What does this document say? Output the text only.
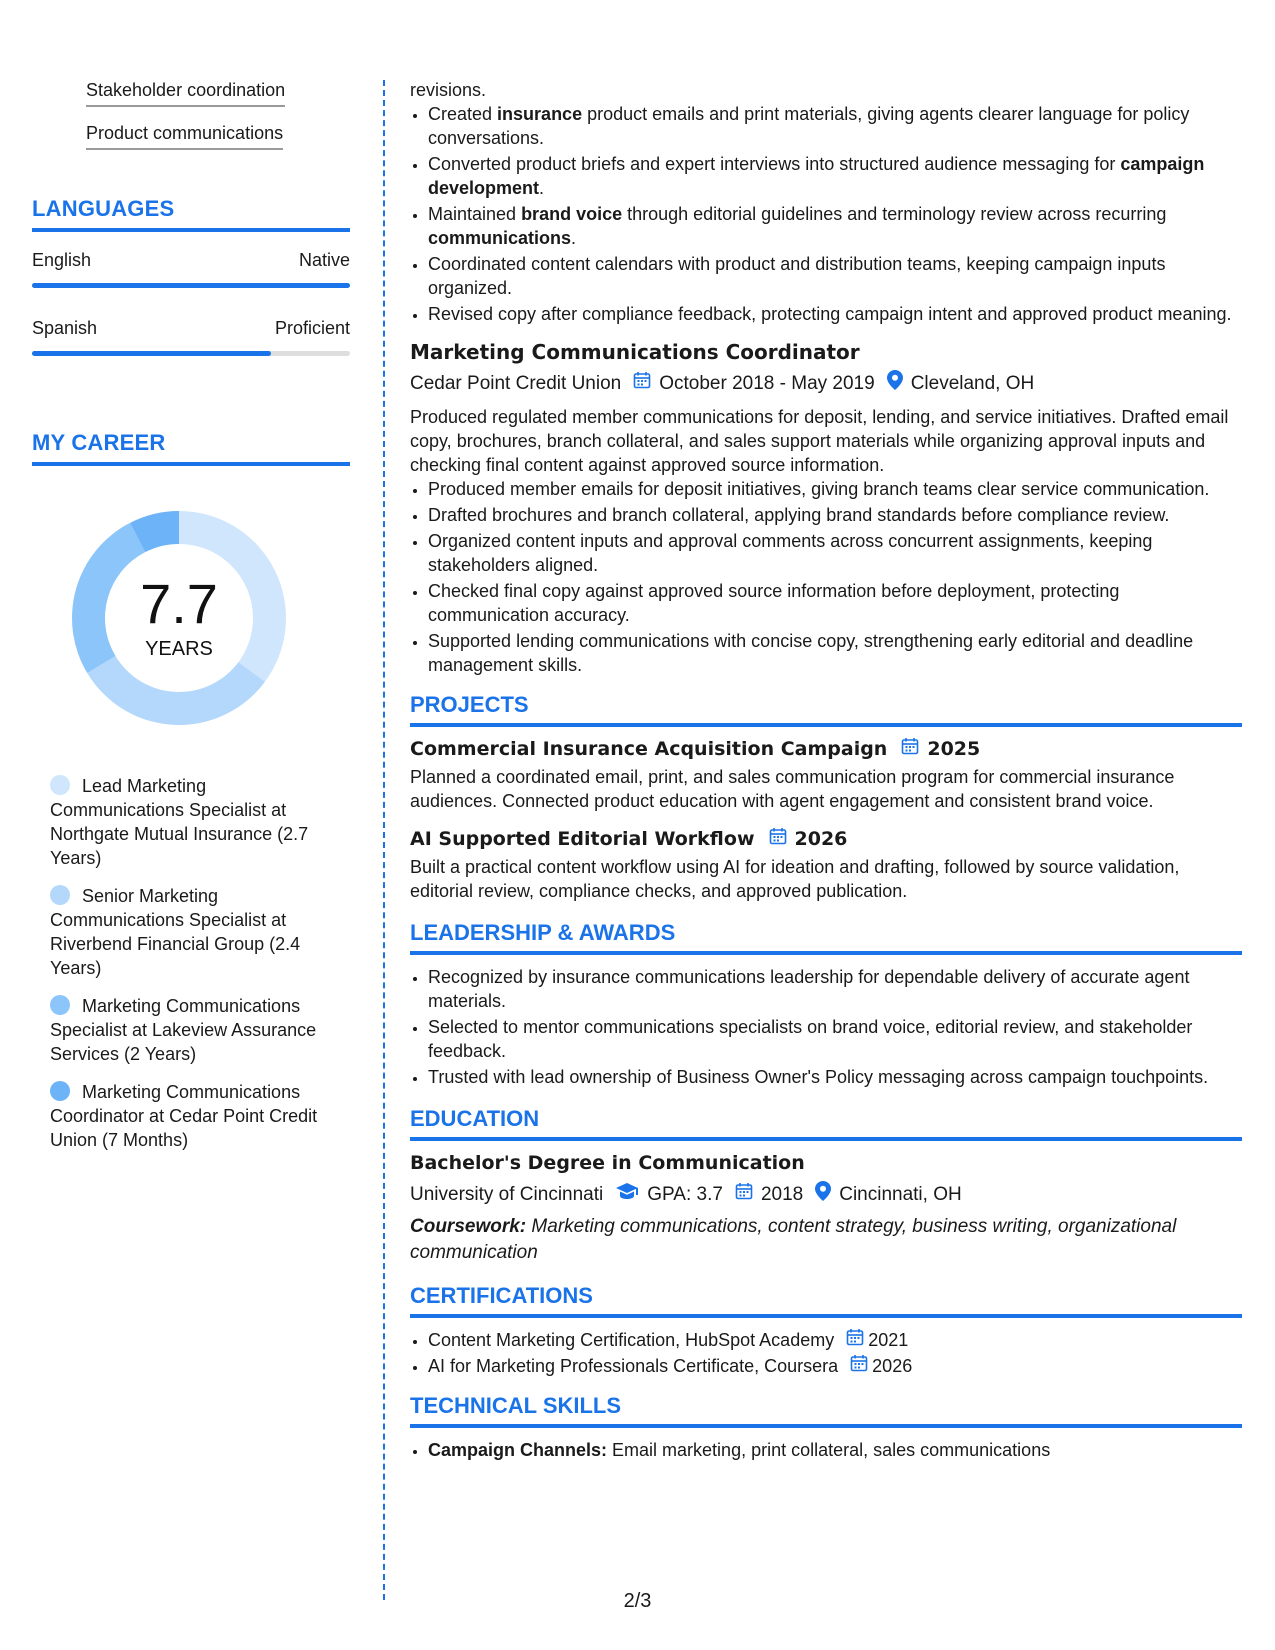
Stakeholder coordination
Product communications
LANGUAGES
English	Native
Spanish	Proficient
MY CAREER
7.7
YEARS
Lead Marketing Communications Specialist at Northgate Mutual Insurance (2.7 Years)
Senior Marketing Communications Specialist at Riverbend Financial Group (2.4 Years)
Marketing Communications Specialist at Lakeview Assurance Services (2 Years)
Marketing Communications Coordinator at Cedar Point Credit Union (7 Months)

revisions.

• Created insurance product emails and print materials, giving agents clearer language for policy conversations.
• Converted product briefs and expert interviews into structured audience messaging for campaign development.
• Maintained brand voice through editorial guidelines and terminology review across recurring communications.
• Coordinated content calendars with product and distribution teams, keeping campaign inputs organized.
• Revised copy after compliance feedback, protecting campaign intent and approved product meaning.
Marketing Communications Coordinator
Cedar Point Credit Union October 2018 - May 2019 Cleveland, OH

Produced regulated member communications for deposit, lending, and service initiatives. Drafted email copy, brochures, branch collateral, and sales support materials while organizing approval inputs and checking final content against approved source information.

• Produced member emails for deposit initiatives, giving branch teams clear service communication.
• Drafted brochures and branch collateral, applying brand standards before compliance review.
• Organized content inputs and approval comments across concurrent assignments, keeping stakeholders aligned.
• Checked final copy against approved source information before deployment, protecting communication accuracy.
• Supported lending communications with concise copy, strengthening early editorial and deadline management skills.
PROJECTS
Commercial Insurance Acquisition Campaign 2025

Planned a coordinated email, print, and sales communication program for commercial insurance audiences. Connected product education with agent engagement and consistent brand voice.

AI Supported Editorial Workflow 2026

Built a practical content workflow using AI for ideation and drafting, followed by source validation, editorial review, compliance checks, and approved publication.

LEADERSHIP & AWARDS
• Recognized by insurance communications leadership for dependable delivery of accurate agent materials.
• Selected to mentor communications specialists on brand voice, editorial review, and stakeholder feedback.
• Trusted with lead ownership of Business Owner's Policy messaging across campaign touchpoints.
EDUCATION
Bachelor's Degree in Communication
University of Cincinnati GPA: 3.7 2018 Cincinnati, OH

Coursework: Marketing communications, content strategy, business writing, organizational communication

CERTIFICATIONS
• Content Marketing Certification, HubSpot Academy 2021
• AI for Marketing Professionals Certificate, Coursera 2026
TECHNICAL SKILLS
• Campaign Channels: Email marketing, print collateral, sales communications
2/3
